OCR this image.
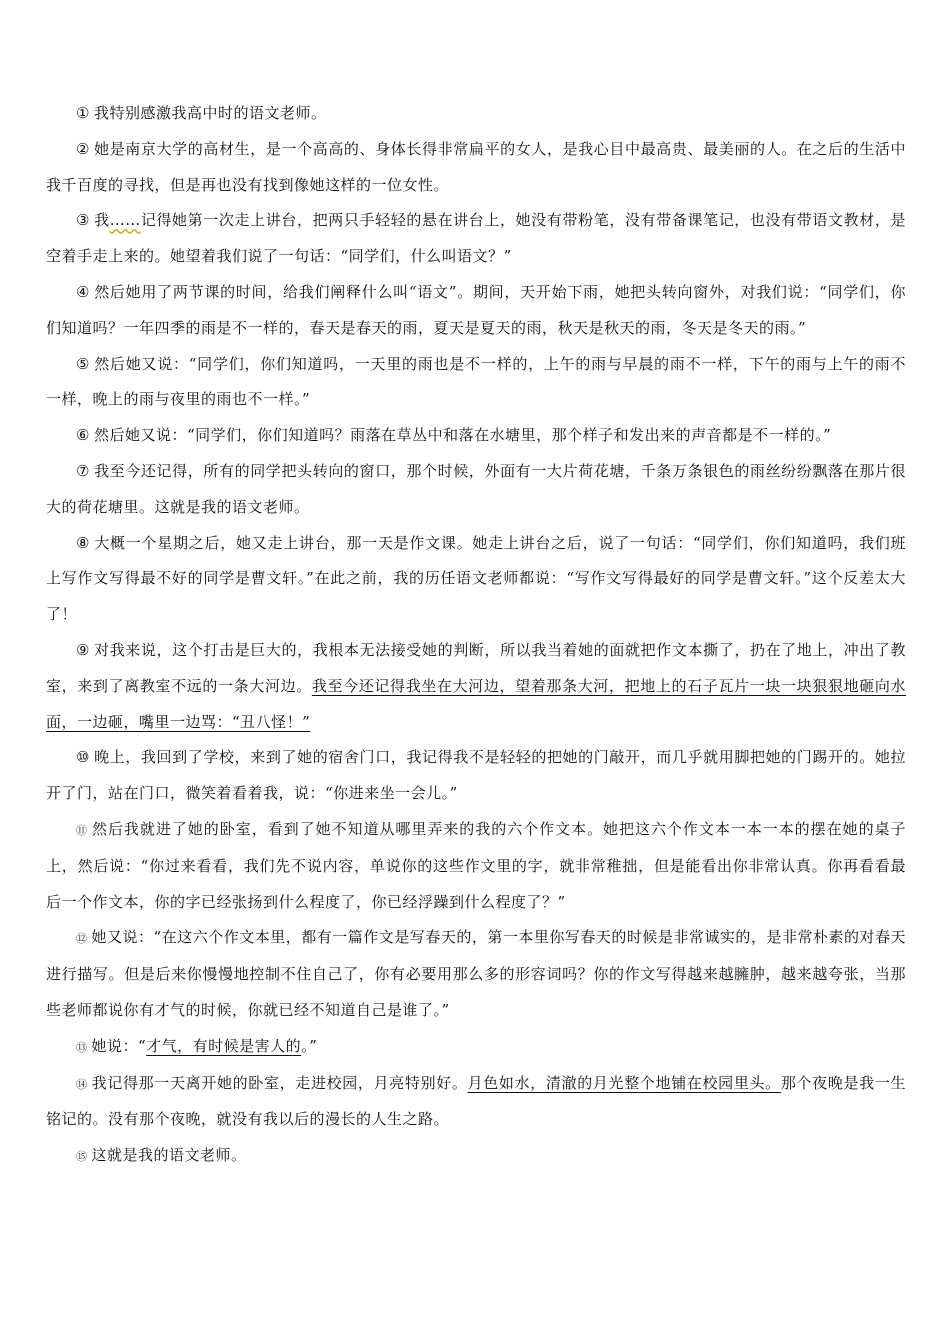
① 我特别感激我高中时的语文老师。

② 她是南京大学的高材生，是一个高高的、身体长得非常扁平的女人，是我心目中最高贵、最美丽的人。在之后的生活中我千百度的寻找，但是再也没有找到像她这样的一位女性。

③ 我……记得她第一次走上讲台，把两只手轻轻的悬在讲台上，她没有带粉笔，没有带备课笔记，也没有带语文教材，是空着手走上来的。她望着我们说了一句话：“同学们，什么叫语文？”

④ 然后她用了两节课的时间，给我们阐释什么叫“语文”。期间，天开始下雨，她把头转向窗外，对我们说：“同学们，你们知道吗？一年四季的雨是不一样的，春天是春天的雨，夏天是夏天的雨，秋天是秋天的雨，冬天是冬天的雨。”

⑤ 然后她又说：“同学们，你们知道吗，一天里的雨也是不一样的，上午的雨与早晨的雨不一样，下午的雨与上午的雨不一样，晚上的雨与夜里的雨也不一样。”

⑥ 然后她又说：“同学们，你们知道吗？雨落在草丛中和落在水塘里，那个样子和发出来的声音都是不一样的。”

⑦ 我至今还记得，所有的同学把头转向的窗口，那个时候，外面有一大片荷花塘，千条万条银色的雨丝纷纷飘落在那片很大的荷花塘里。这就是我的语文老师。

⑧ 大概一个星期之后，她又走上讲台，那一天是作文课。她走上讲台之后，说了一句话：“同学们，你们知道吗，我们班上写作文写得最不好的同学是曹文轩。”在此之前，我的历任语文老师都说：“写作文写得最好的同学是曹文轩。”这个反差太大了！

⑨ 对我来说，这个打击是巨大的，我根本无法接受她的判断，所以我当着她的面就把作文本撕了，扔在了地上，冲出了教室，来到了离教室不远的一条大河边。我至今还记得我坐在大河边，望着那条大河，把地上的石子瓦片一块一块狠狠地砸向水面，一边砸，嘴里一边骂：“丑八怪！”

⑩ 晚上，我回到了学校，来到了她的宿舍门口，我记得我不是轻轻的把她的门敲开，而几乎就用脚把她的门踢开的。她拉开了门，站在门口，微笑着看着我，说：“你进来坐一会儿。”

⑪ 然后我就进了她的卧室，看到了她不知道从哪里弄来的我的六个作文本。她把这六个作文本一本一本的摆在她的桌子上，然后说：“你过来看看，我们先不说内容，单说你的这些作文里的字，就非常稚拙，但是能看出你非常认真。你再看看最后一个作文本，你的字已经张扬到什么程度了，你已经浮躁到什么程度了？”

⑫ 她又说：“在这六个作文本里，都有一篇作文是写春天的，第一本里你写春天的时候是非常诚实的，是非常朴素的对春天进行描写。但是后来你慢慢地控制不住自己了，你有必要用那么多的形容词吗？你的作文写得越来越臃肿，越来越夸张，当那些老师都说你有才气的时候，你就已经不知道自己是谁了。”

⑬ 她说：“才气，有时候是害人的。”

⑭ 我记得那一天离开她的卧室，走进校园，月亮特别好。月色如水，清澈的月光整个地铺在校园里头。那个夜晚是我一生铭记的。没有那个夜晚，就没有我以后的漫长的人生之路。

⑮ 这就是我的语文老师。
